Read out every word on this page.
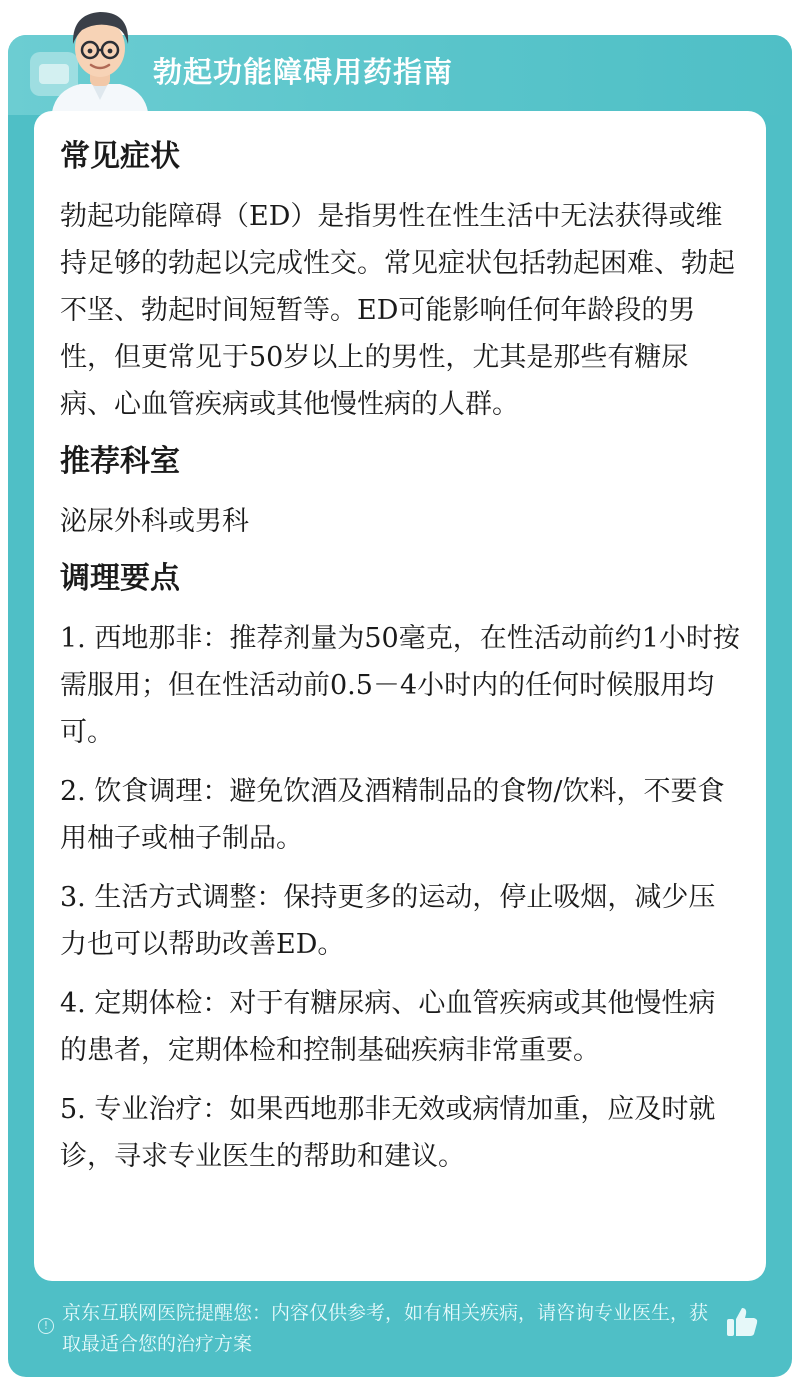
勃起功能障碍用药指南
常见症状

勃起功能障碍（ED）是指男性在性生活中无法获得或维持足够的勃起以完成性交。常见症状包括勃起困难、勃起不坚、勃起时间短暂等。ED可能影响任何年龄段的男性，但更常见于50岁以上的男性，尤其是那些有糖尿病、心血管疾病或其他慢性病的人群。

推荐科室

泌尿外科或男科

调理要点

1. 西地那非：推荐剂量为50毫克，在性活动前约1小时按需服用；但在性活动前0.5－4小时内的任何时候服用均可。

2. 饮食调理：避免饮酒及酒精制品的食物/饮料，不要食用柚子或柚子制品。

3. 生活方式调整：保持更多的运动，停止吸烟，减少压力也可以帮助改善ED。

4. 定期体检：对于有糖尿病、心血管疾病或其他慢性病的患者，定期体检和控制基础疾病非常重要。

5. 专业治疗：如果西地那非无效或病情加重，应及时就诊，寻求专业医生的帮助和建议。

!
京东互联网医院提醒您：内容仅供参考，如有相关疾病，请咨询专业医生，获取最适合您的治疗方案
